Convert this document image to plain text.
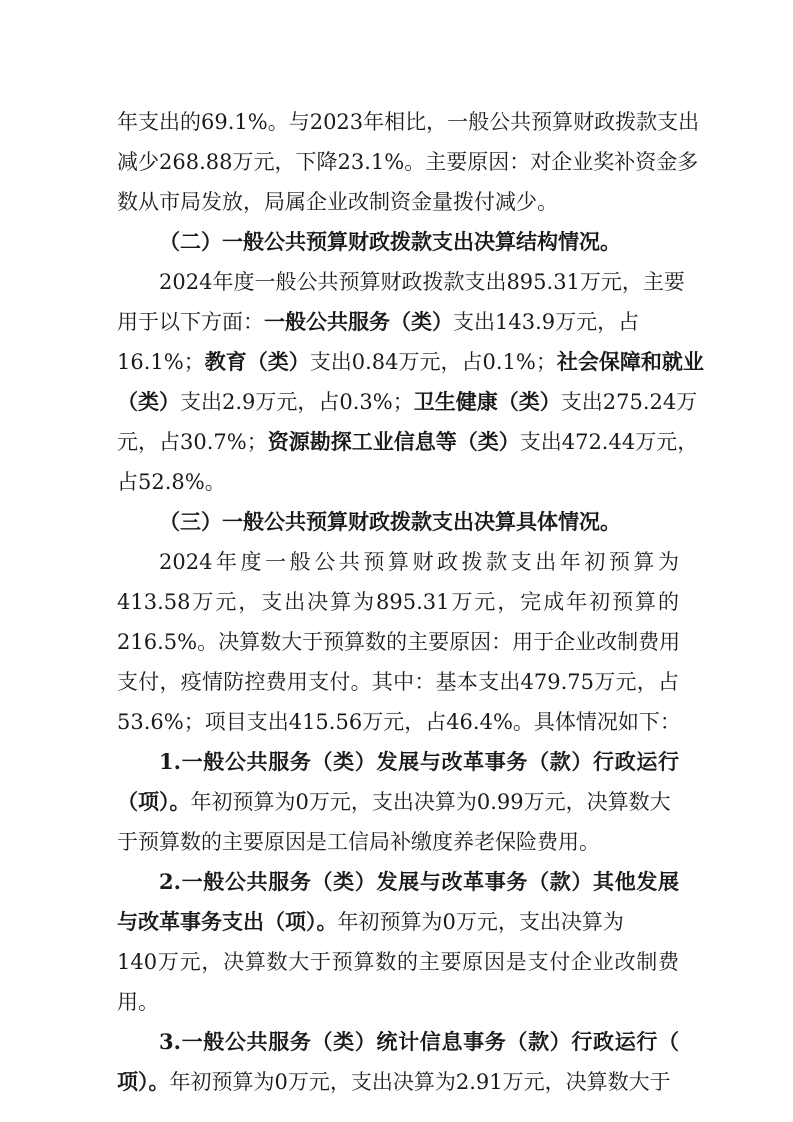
年支出的69.1%。与2023年相比，一般公共预算财政拨款支出
减少268.88万元，下降23.1%。主要原因：对企业奖补资金多
数从市局发放，局属企业改制资金量拨付减少。
（二）一般公共预算财政拨款支出决算结构情况。
2024年度一般公共预算财政拨款支出895.31万元，主要
用于以下方面：一般公共服务（类）支出143.9万元，占
16.1%；教育（类）支出0.84万元，占0.1%；社会保障和就业
（类）支出2.9万元，占0.3%；卫生健康（类）支出275.24万
元，占30.7%；资源勘探工业信息等（类）支出472.44万元，
占52.8%。
（三）一般公共预算财政拨款支出决算具体情况。
2024年度一般公共预算财政拨款支出年初预算为
413.58万元，支出决算为895.31万元，完成年初预算的
216.5%。决算数大于预算数的主要原因：用于企业改制费用
支付，疫情防控费用支付。其中：基本支出479.75万元，占
53.6%；项目支出415.56万元，占46.4%。具体情况如下：
1.一般公共服务（类）发展与改革事务（款）行政运行
（项）。年初预算为0万元，支出决算为0.99万元，决算数大
于预算数的主要原因是工信局补缴度养老保险费用。
2.一般公共服务（类）发展与改革事务（款）其他发展
与改革事务支出（项）。年初预算为0万元，支出决算为
140万元，决算数大于预算数的主要原因是支付企业改制费
用。
3.一般公共服务（类）统计信息事务（款）行政运行（
项）。年初预算为0万元，支出决算为2.91万元，决算数大于
